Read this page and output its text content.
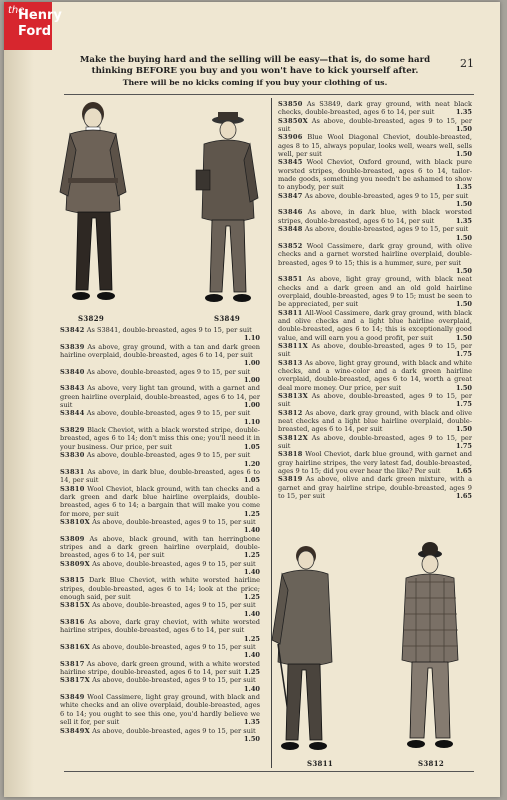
the
Henry
Ford
21
Make the buying hard and the selling will be easy—that is, do some hard
thinking BEFORE you buy and you won't have to kick yourself after.
There will be no kicks coming if you buy your clothing of us.
S3829	S3849
S3811	S3812

S3842 As S3841, double-breasted, ages 9 to 15, per suit
1.10

S3839 As above, gray ground, with a tan and dark green hairline overplaid, double-breasted, ages 6 to 14, per suit
1.00

S3840 As above, double-breasted, ages 9 to 15, per suit
1.00

S3843 As above, very light tan ground, with a garnet and green hairline overplaid, double-breasted, ages 6 to 14, per suit	1.00

S3844 As above, double-breasted, ages 9 to 15, per suit
1.10

S3829 Black Cheviot, with a black worsted stripe, double-breasted, ages 6 to 14; don't miss this one; you'll need it in your business. Our price, per suit	1.05

S3830 As above, double-breasted, ages 9 to 15, per suit
1.20

S3831 As above, in dark blue, double-breasted, ages 6 to 14, per suit	1.05

S3810 Wool Cheviot, black ground, with tan checks and a dark green and dark blue hairline overplaids, double-breasted, ages 6 to 14; a bargain that will make you come for more, per suit	1.25

S3810X As above, double-breasted, ages 9 to 15, per suit
1.40

S3809 As above, black ground, with tan herringbone stripes and a dark green hairline overplaid, double-breasted, ages 6 to 14, per suit	1.25

S3809X As above, double-breasted, ages 9 to 15, per suit
1.40

S3815 Dark Blue Cheviot, with white worsted hairline stripes, double-breasted, ages 6 to 14; look at the price; enough said, per suit	1.25

S3815X As above, double-breasted, ages 9 to 15, per suit
1.40

S3816 As above, dark gray cheviot, with white worsted hairline stripes, double-breasted, ages 6 to 14, per suit
1.25

S3816X As above, double-breasted, ages 9 to 15, per suit
1.40

S3817 As above, dark green ground, with a white worsted hairline stripe, double-breasted, ages 6 to 14, per suit 1.25

S3817X As above, double-breasted, ages 9 to 15, per suit
1.40

S3849 Wool Cassimere, light gray ground, with black and white checks and an olive overplaid, double-breasted, ages 6 to 14; you ought to see this one, you'd hardly believe we sell it for, per suit	1.35

S3849X As above, double-breasted, ages 9 to 15, per suit
1.50

S3850 As S3849, dark gray ground, with neat black checks, double-breasted, ages 6 to 14, per suit	1.35

S3850X As above, double-breasted, ages 9 to 15, per suit	1.50

S3906 Blue Wool Diagonal Cheviot, double-breasted, ages 8 to 15, always popular, looks well, wears well, sells well, per suit	1.50

S3845 Wool Cheviot, Oxford ground, with black pure worsted stripes, double-breasted, ages 6 to 14, tailor-made goods, something you needn't be ashamed to show to anybody, per suit	1.35

S3847 As above, double-breasted, ages 9 to 15, per suit
1.50

S3846 As above, in dark blue, with black worsted stripes, double-breasted, ages 6 to 14, per suit	1.35

S3848 As above, double-breasted, ages 9 to 15, per suit
1.50

S3852 Wool Cassimere, dark gray ground, with olive checks and a garnet worsted hairline overplaid, double-breasted, ages 9 to 15; this is a hummer, sure, per suit
1.50

S3851 As above, light gray ground, with black neat checks and a dark green and an old gold hairline overplaid, double-breasted, ages 9 to 15; must be seen to be appreciated, per suit	1.50

S3811 All-Wool Cassimere, dark gray ground, with black and olive checks and a light blue hairline overplaid, double-breasted, ages 6 to 14; this is exceptionally good value, and will earn you a good profit, per suit	1.50

S3811X As above, double-breasted, ages 9 to 15, per suit	1.75

S3813 As above, light gray ground, with black and white checks, and a wine-color and a dark green hairline overplaid, double-breasted, ages 6 to 14, worth a great deal more money. Our price, per suit	1.50

S3813X As above, double-breasted, ages 9 to 15, per suit	1.75

S3812 As above, dark gray ground, with black and olive neat checks and a light blue hairline overplaid, double-breasted, ages 6 to 14, per suit	1.50

S3812X As above, double-breasted, ages 9 to 15, per suit	1.75

S3818 Wool Cheviot, dark blue ground, with garnet and gray hairline stripes, the very latest fad, double-breasted, ages 9 to 15; did you ever hear the like? Per suit 1.65

S3819 As above, olive and dark green mixture, with a garnet and gray hairline stripe, double-breasted, ages 9 to 15, per suit	1.65
